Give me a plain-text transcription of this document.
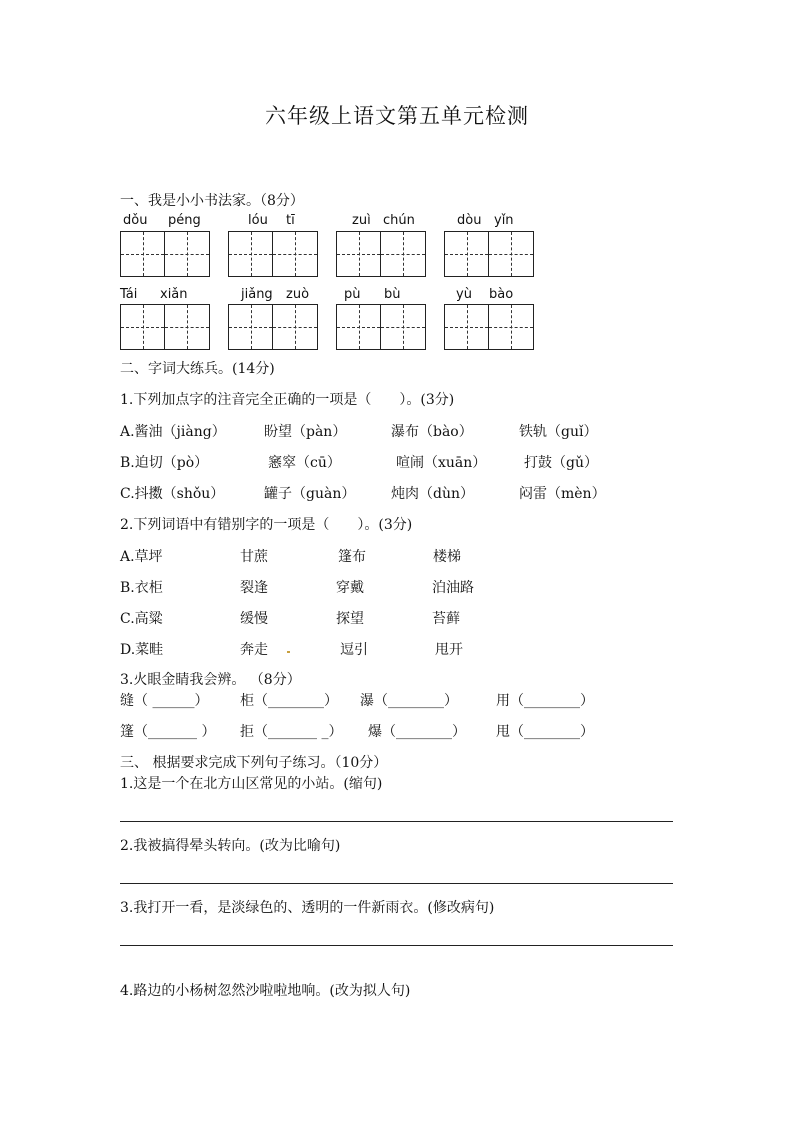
六年级上语文第五单元检测
一、我是小小书法家。（8分）
dǒu péng	lóu tī	zuì chún	dòu yǐn
Tái xiǎn	jiǎng zuò	pù bù	yù bào
二、字词大练兵。(14分)
1.下列加点字的注音完全正确的一项是（　　）。(3分)
A.酱油（jiàng）	盼望（pàn）	瀑布（bào）	铁轨（guǐ）
B.迫切（pò）	窸窣（cū）	喧闹（xuān）	打鼓（gǔ）
C.抖擞（shǒu）	罐子（guàn）	炖肉（dùn）	闷雷（mèn）
2.下列词语中有错别字的一项是（　　）。(3分)
A.草坪	甘蔗	篷布	楼梯
B.衣柜	裂逢	穿戴	泊油路
C.高粱	缓慢	探望	苔藓
D.菜畦	奔走	逗引	甩开
3.火眼金睛我会辨。 （8分）
缝（ ______） 柜（________） 瀑（________）	用（________）
篷（_______ ） 拒（_______ _） 爆（________） 甩（________）
三、 根据要求完成下列句子练习。（10分）
1.这是一个在北方山区常见的小站。(缩句)
2.我被搞得晕头转向。(改为比喻句)
3.我打开一看，是淡绿色的、透明的一件新雨衣。(修改病句)
4.路边的小杨树忽然沙啦啦地响。(改为拟人句)
